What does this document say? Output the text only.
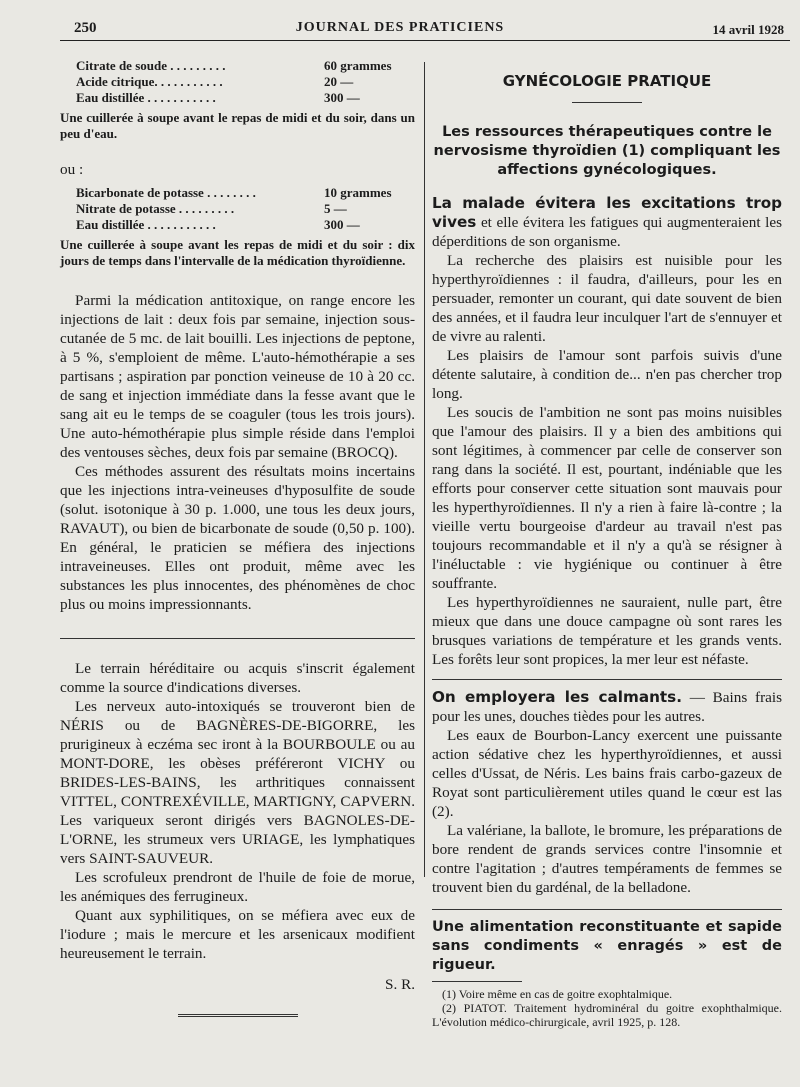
250	JOURNAL DES PRATICIENS	14 avril 1928
Citrate de soude . . . . . . . . .	60 grammes
Acide citrique. . . . . . . . . . .	20 —
Eau distillée . . . . . . . . . . .	300 —

Une cuillerée à soupe avant le repas de midi et du soir, dans un peu d'eau.

ou :

Bicarbonate de potasse . . . . . . . .	10 grammes
Nitrate de potasse . . . . . . . . .	5 —
Eau distillée . . . . . . . . . . .	300 —

Une cuillerée à soupe avant les repas de midi et du soir : dix jours de temps dans l'intervalle de la médication thyroïdienne.

Parmi la médication antitoxique, on range encore les injections de lait : deux fois par semaine, injection sous-cutanée de 5 mc. de lait bouilli. Les injections de peptone, à 5 %, s'emploient de même. L'auto-hémothérapie a ses partisans ; aspiration par ponction veineuse de 10 à 20 cc. de sang et injection immédiate dans la fesse avant que le sang ait eu le temps de se coaguler (tous les trois jours). Une auto-hémothérapie plus simple réside dans l'emploi des ventouses sèches, deux fois par semaine (BROCQ).

Ces méthodes assurent des résultats moins incertains que les injections intra-veineuses d'hyposulfite de soude (solut. isotonique à 30 p. 1.000, une tous les deux jours, RAVAUT), ou bien de bicarbonate de soude (0,50 p. 100). En général, le praticien se méfiera des injections intraveineuses. Elles ont produit, même avec les substances les plus innocentes, des phénomènes de choc plus ou moins impressionnants.

Le terrain héréditaire ou acquis s'inscrit également comme la source d'indications diverses.

Les nerveux auto-intoxiqués se trouveront bien de NÉRIS ou de BAGNÈRES-DE-BIGORRE, les prurigineux à eczéma sec iront à la BOURBOULE ou au MONT-DORE, les obèses préféreront VICHY ou BRIDES-LES-BAINS, les arthritiques connaissent VITTEL, CONTREXÉVILLE, MARTIGNY, CAPVERN. Les variqueux seront dirigés vers BAGNOLES-DE-L'ORNE, les strumeux vers URIAGE, les lymphatiques vers SAINT-SAUVEUR.

Les scrofuleux prendront de l'huile de foie de morue, les anémiques des ferrugineux.

Quant aux syphilitiques, on se méfiera avec eux de l'iodure ; mais le mercure et les arsenicaux modifient heureusement le terrain.

S. R.

GYNÉCOLOGIE PRATIQUE
Les ressources thérapeutiques contre le nervosisme thyroïdien (1) compliquant les affections gynécologiques.

La malade évitera les excitations trop vives et elle évitera les fatigues qui augmenteraient les déperditions de son organisme.

La recherche des plaisirs est nuisible pour les hyperthyroïdiennes : il faudra, d'ailleurs, pour les en persuader, remonter un courant, qui date souvent de bien des années, et il faudra leur inculquer l'art de s'ennuyer et de vivre au ralenti.

Les plaisirs de l'amour sont parfois suivis d'une détente salutaire, à condition de... n'en pas chercher trop long.

Les soucis de l'ambition ne sont pas moins nuisibles que l'amour des plaisirs. Il y a bien des ambitions qui sont légitimes, à commencer par celle de conserver son rang dans la société. Il est, pourtant, indéniable que les efforts pour conserver cette situation sont mauvais pour les hyperthyroïdiennes. Il n'y a rien à faire là-contre ; la vieille vertu bourgeoise d'ardeur au travail n'est pas toujours recommandable et il n'y a qu'à se résigner à l'inéluctable : vie hygiénique ou continuer à être souffrante.

Les hyperthyroïdiennes ne sauraient, nulle part, être mieux que dans une douce campagne où sont rares les brusques variations de température et les grands vents. Les forêts leur sont propices, la mer leur est néfaste.

On employera les calmants. — Bains frais pour les unes, douches tièdes pour les autres.

Les eaux de Bourbon-Lancy exercent une puissante action sédative chez les hyperthyroïdiennes, et aussi celles d'Ussat, de Néris. Les bains frais carbo-gazeux de Royat sont particulièrement utiles quand le cœur est las (2).

La valériane, la ballote, le bromure, les préparations de bore rendent de grands services contre l'insomnie et contre l'agitation ; d'autres tempéraments de femmes se trouvent bien du gardénal, de la belladone.

Une alimentation reconstituante et sapide sans condiments « enragés » est de rigueur.

(1) Voire même en cas de goitre exophtalmique.

(2) PIATOT. Traitement hydrominéral du goitre exophthalmique. L'évolution médico-chirurgicale, avril 1925, p. 128.
